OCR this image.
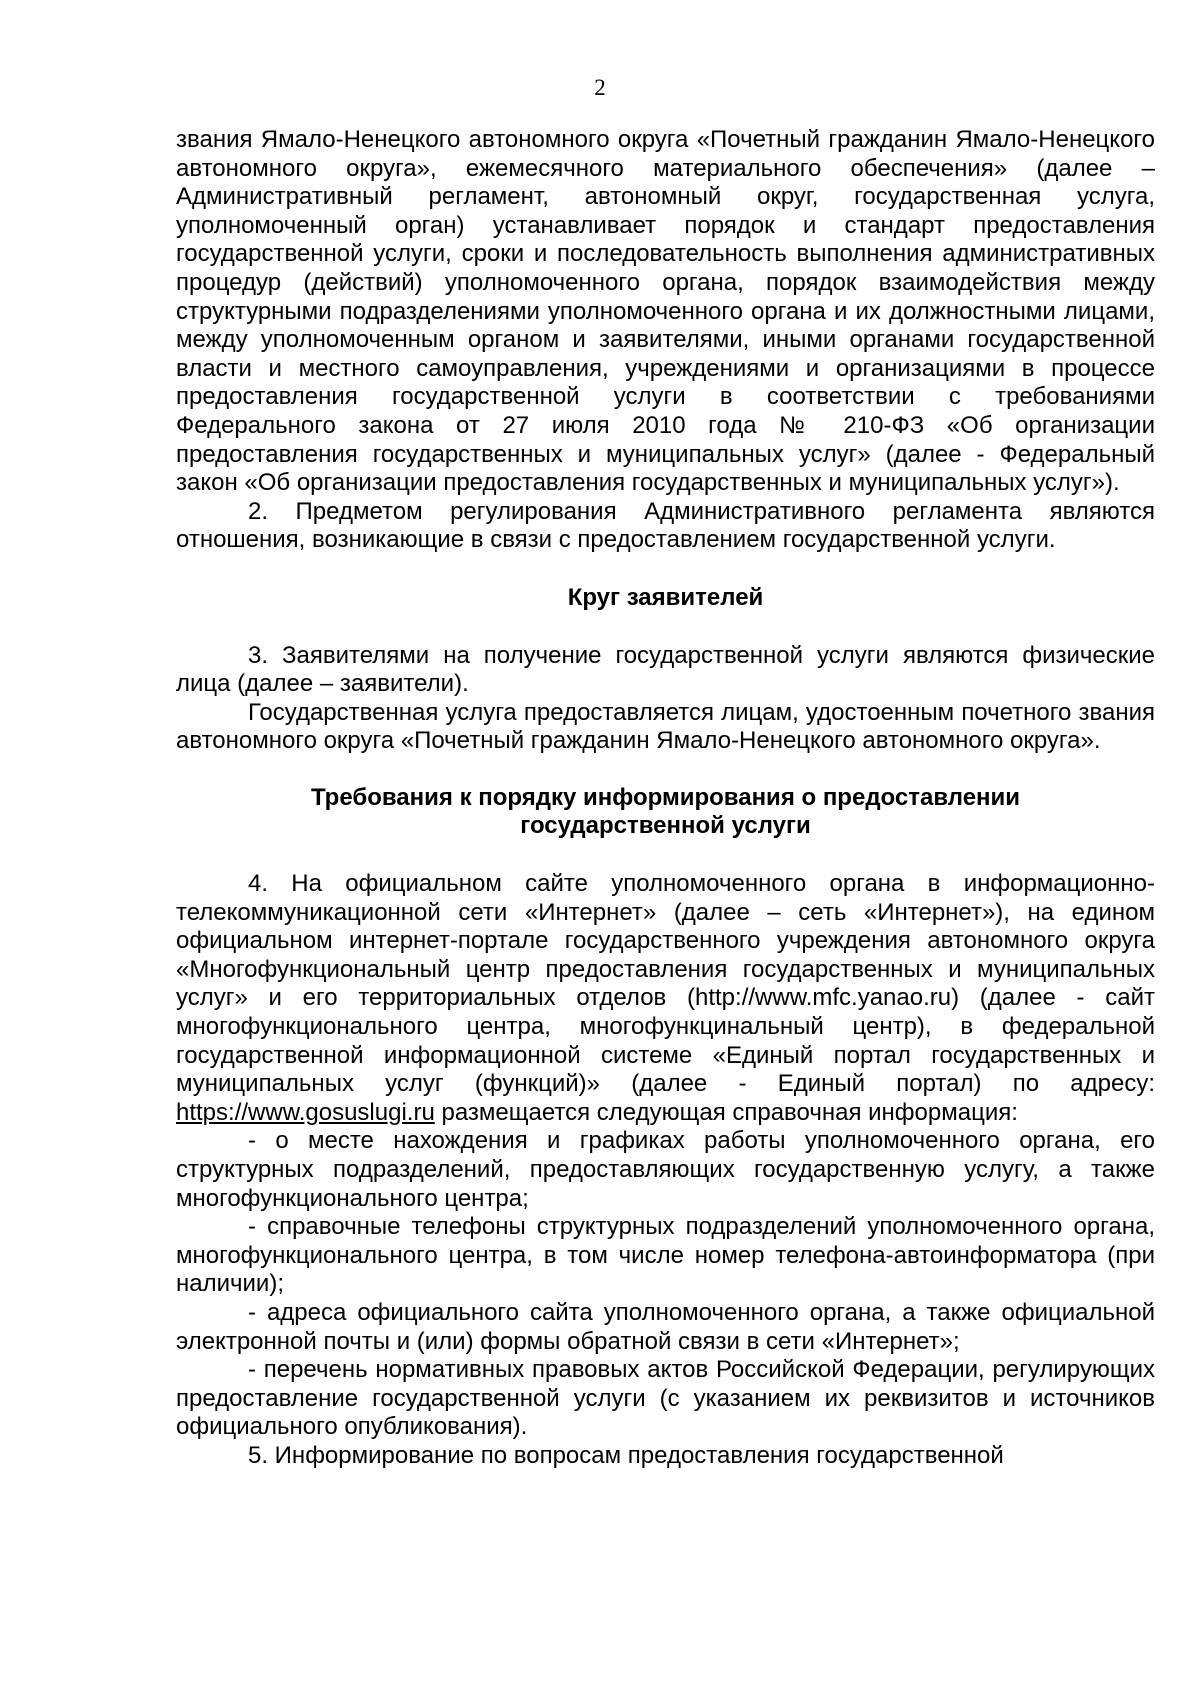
2

звания Ямало-Ненецкого автономного округа «Почетный гражданин Ямало-Ненецкого автономного округа», ежемесячного материального обеспечения» (далее – Административный регламент, автономный округ, государственная услуга, уполномоченный орган) устанавливает порядок и стандарт предоставления государственной услуги, сроки и последовательность выполнения административных процедур (действий) уполномоченного органа, порядок взаимодействия между структурными подразделениями уполномоченного органа и их должностными лицами, между уполномоченным органом и заявителями, иными органами государственной власти и местного самоуправления, учреждениями и организациями в процессе предоставления государственной услуги в соответствии с требованиями Федерального закона от 27 июля 2010 года № 210-ФЗ «Об организации предоставления государственных и муниципальных услуг» (далее - Федеральный закон «Об организации предоставления государственных и муниципальных услуг»).

2. Предметом регулирования Административного регламента являются отношения, возникающие в связи с предоставлением государственной услуги.

Круг заявителей

3. Заявителями на получение государственной услуги являются физические лица (далее – заявители).

Государственная услуга предоставляется лицам, удостоенным почетного звания автономного округа «Почетный гражданин Ямало-Ненецкого автономного округа».

Требования к порядку информирования о предоставлении
государственной услуги

4. На официальном сайте уполномоченного органа в информационно-телекоммуникационной сети «Интернет» (далее – сеть «Интернет»), на едином официальном интернет-портале государственного учреждения автономного округа «Многофункциональный центр предоставления государственных и муниципальных услуг» и его территориальных отделов (http://www.mfc.yanao.ru) (далее - сайт многофункционального центра, многофункцинальный центр), в федеральной государственной информационной системе «Единый портал государственных и муниципальных услуг (функций)» (далее - Единый портал) по адресу: https://www.gosuslugi.ru размещается следующая справочная информация:

- о месте нахождения и графиках работы уполномоченного органа, его структурных подразделений, предоставляющих государственную услугу, а также многофункционального центра;

- справочные телефоны структурных подразделений уполномоченного органа, многофункционального центра, в том числе номер телефона-автоинформатора (при наличии);

- адреса официального сайта уполномоченного органа, а также официальной электронной почты и (или) формы обратной связи в сети «Интернет»;

- перечень нормативных правовых актов Российской Федерации, регулирующих предоставление государственной услуги (с указанием их реквизитов и источников официального опубликования).

5. Информирование по вопросам предоставления государственной
